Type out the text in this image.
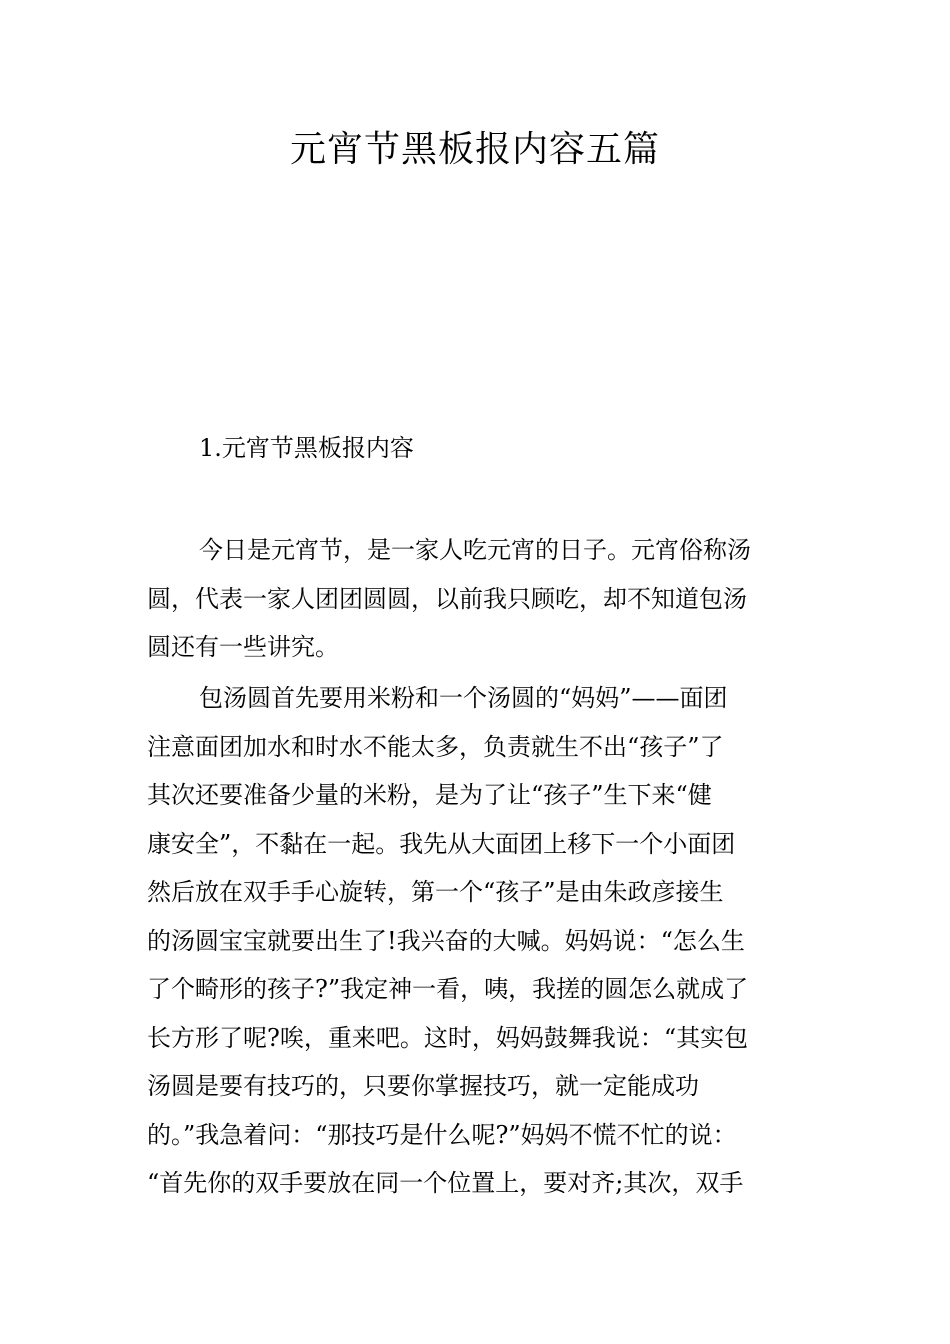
元宵节黑板报内容五篇
1.元宵节黑板报内容
今日是元宵节，是一家人吃元宵的日子。元宵俗称汤
圆，代表一家人团团圆圆，以前我只顾吃，却不知道包汤
圆还有一些讲究。
包汤圆首先要用米粉和一个汤圆的“妈妈”——面团
注意面团加水和时水不能太多，负责就生不出“孩子”了
其次还要准备少量的米粉，是为了让“孩子”生下来“健
康安全”，不黏在一起。我先从大面团上移下一个小面团
然后放在双手手心旋转，第一个“孩子”是由朱政彦接生
的汤圆宝宝就要出生了!我兴奋的大喊。妈妈说：“怎么生
了个畸形的孩子?”我定神一看，咦，我搓的圆怎么就成了
长方形了呢?唉，重来吧。这时，妈妈鼓舞我说：“其实包
汤圆是要有技巧的，只要你掌握技巧，就一定能成功
的。”我急着问：“那技巧是什么呢?”妈妈不慌不忙的说：
“首先你的双手要放在同一个位置上，要对齐;其次，双手
